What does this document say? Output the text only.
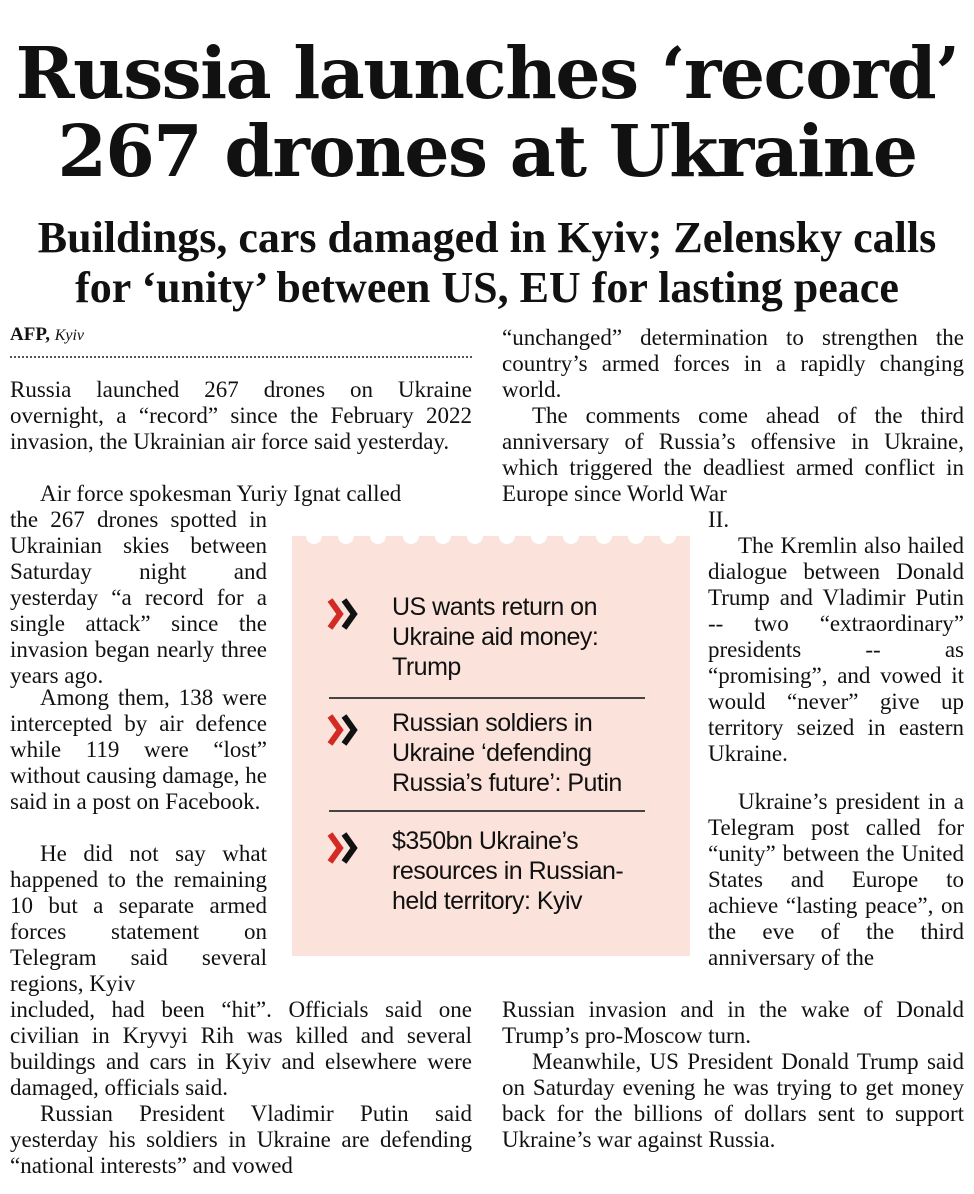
Russia launches ‘record’
267 drones at Ukraine
Buildings, cars damaged in Kyiv; Zelensky calls
for ‘unity’ between US, EU for lasting peace
AFP, Kyiv

Russia launched 267 drones on Ukraine overnight, a “record” since the February 2022 invasion, the Ukrainian air force said yesterday.

Air force spokesman Yuriy Ignat called

the 267 drones spotted in Ukrainian skies between Saturday night and yesterday “a record for a single attack” since the invasion began nearly three years ago.

Among them, 138 were intercepted by air defence while 119 were “lost” without causing damage, he said in a post on Facebook.

He did not say what happened to the remaining 10 but a separate armed forces statement on Telegram said several regions, Kyiv

included, had been “hit”. Officials said one civilian in Kryvyi Rih was killed and several buildings and cars in Kyiv and elsewhere were damaged, officials said.

Russian President Vladimir Putin said yesterday his soldiers in Ukraine are defending “national interests” and vowed

“unchanged” determination to strengthen the country’s armed forces in a rapidly changing world.

The comments come ahead of the third anniversary of Russia’s offensive in Ukraine, which triggered the deadliest armed conflict in Europe since World War

II.

The Kremlin also hailed dialogue between Donald Trump and Vladimir Putin -- two “extraordinary” presidents -- as “promising”, and vowed it would “never” give up territory seized in eastern Ukraine.

Ukraine’s president in a Telegram post called for “unity” between the United States and Europe to achieve “lasting peace”, on the eve of the third anniversary of the

Russian invasion and in the wake of Donald Trump’s pro-Moscow turn.

Meanwhile, US President Donald Trump said on Saturday evening he was trying to get money back for the billions of dollars sent to support Ukraine’s war against Russia.

US wants return on Ukraine aid money: Trump
Russian soldiers in Ukraine ‘defending Russia’s future’: Putin
$350bn Ukraine’s resources in Russian-held territory: Kyiv
